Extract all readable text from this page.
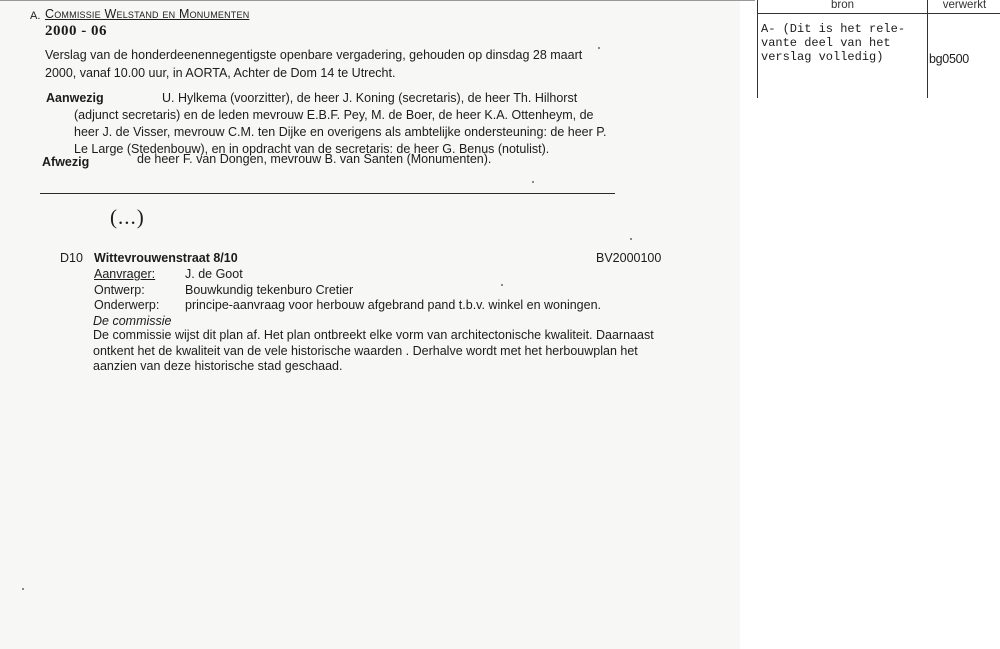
A. Commissie Welstand en Monumenten
2000 - 06
Verslag van de honderdeenennegentigste openbare vergadering, gehouden op dinsdag 28 maart 2000, vanaf 10.00 uur, in AORTA, Achter de Dom 14 te Utrecht.
Aanwezig	U. Hylkema (voorzitter), de heer J. Koning (secretaris), de heer Th. Hilhorst (adjunct secretaris) en de leden mevrouw E.B.F. Pey, M. de Boer, de heer K.A. Ottenheym, de heer J. de Visser, mevrouw C.M. ten Dijke en overigens als ambtelijke ondersteuning: de heer P. Le Large (Stedenbouw), en in opdracht van de secretaris: de heer G. Benus (notulist).
Afwezig	de heer F. van Dongen, mevrouw B. van Santen (Monumenten).
(...)
D10 Wittevrouwenstraat 8/10	BV2000100
Aanvrager:	J. de Goot
Ontwerp:	Bouwkundig tekenburo Cretier
Onderwerp:	principe-aanvraag voor herbouw afgebrand pand t.b.v. winkel en woningen.
De commissie
De commissie wijst dit plan af. Het plan ontbreekt elke vorm van architectonische kwaliteit. Daarnaast ontkent het de kwaliteit van de vele historische waarden . Derhalve wordt met het herbouwplan het aanzien van deze historische stad geschaad.
bron	verwerkt
A- (Dit is het rele-vante deel van het verslag volledig)	bg0500
